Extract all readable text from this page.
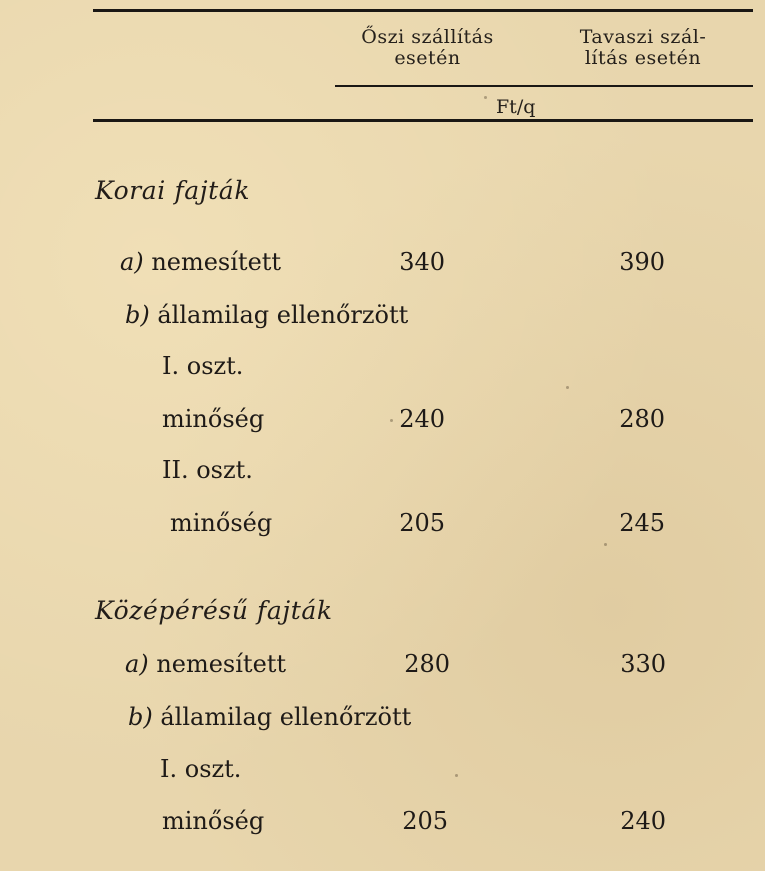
Őszi szállítás
esetén
Tavaszi szál-
lítás esetén
Ft/q
Korai fajták
a) nemesített	340	390
b) államilag ellenőrzött
I. oszt.
minőség	240	280
II. oszt.
minőség	205	245
Középérésű fajták
a) nemesített	280	330
b) államilag ellenőrzött
I. oszt.
minőség	205	240
